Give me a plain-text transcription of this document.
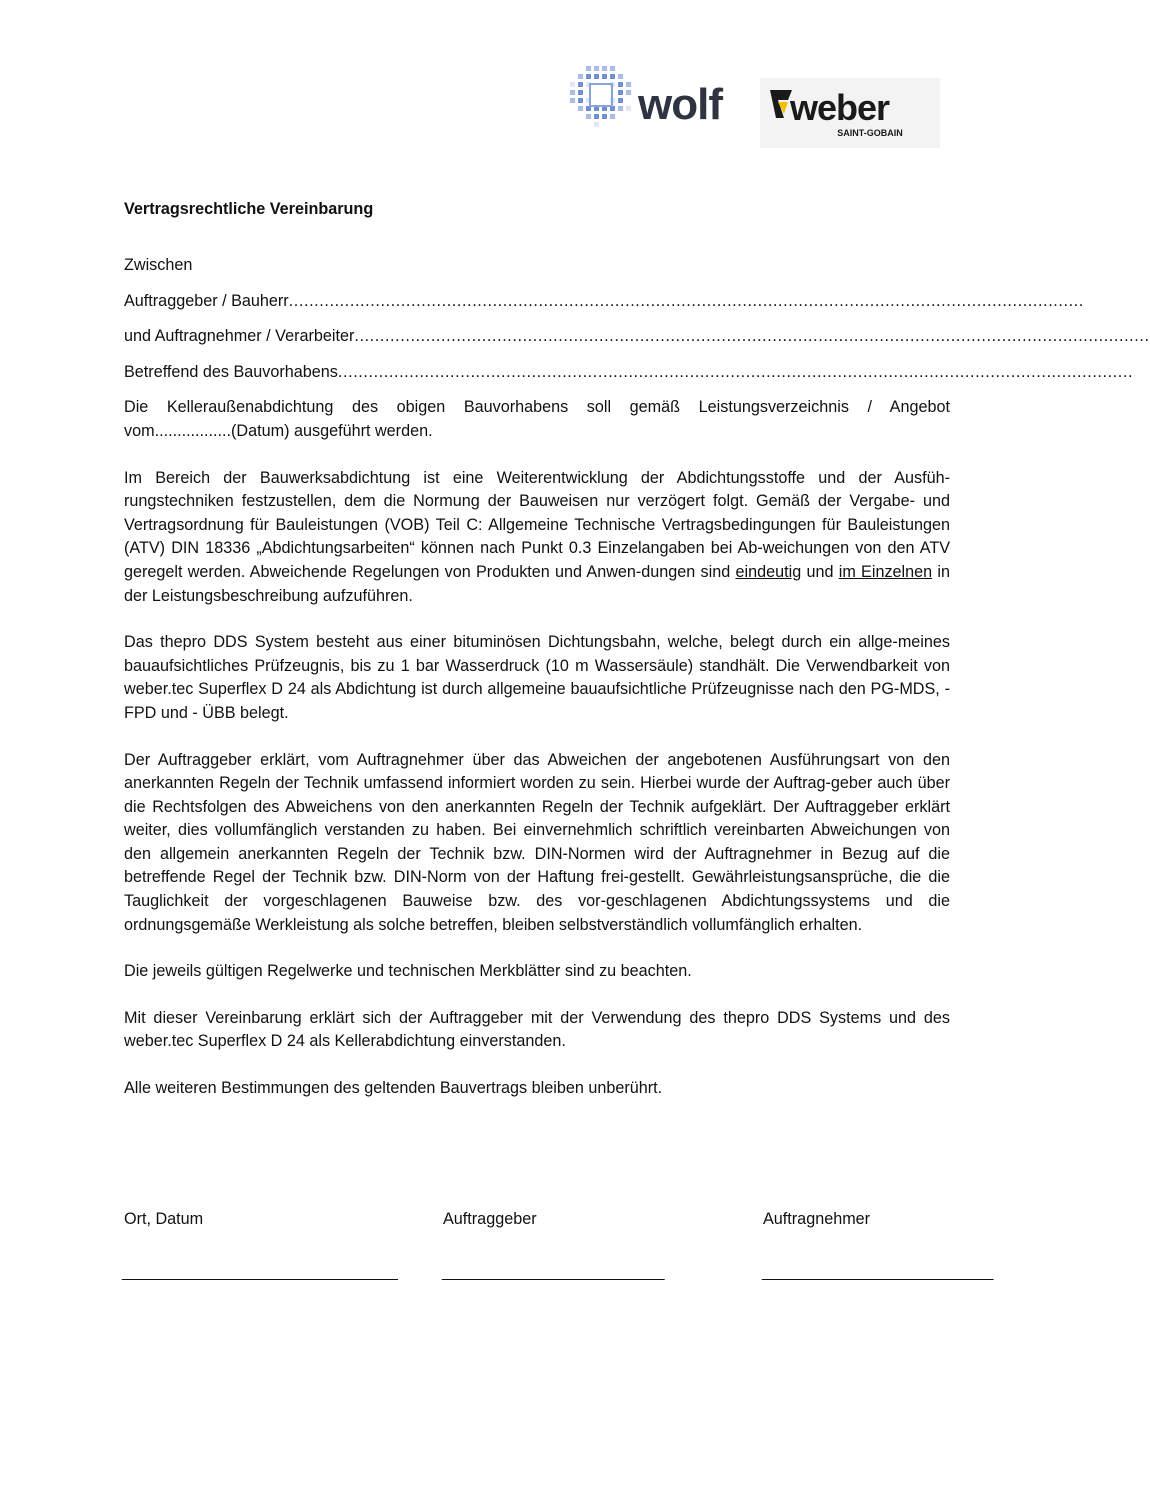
wolf weber
SAINT-GOBAIN

Vertragsrechtliche Vereinbarung

Zwischen

Auftraggeber / Bauherr ............................................................................................................................................................

und Auftragnehmer / Verarbeiter ............................................................................................................................................................

Betreffend des Bauvorhabens ............................................................................................................................................................

Die Kelleraußenabdichtung des obigen Bauvorhabens soll gemäß Leistungsverzeichnis / Angebot

vom.................(Datum) ausgeführt werden.

Im Bereich der Bauwerksabdichtung ist eine Weiterentwicklung der Abdichtungsstoffe und der Ausfüh-rungstechniken festzustellen, dem die Normung der Bauweisen nur verzögert folgt. Gemäß der Vergabe- und Vertragsordnung für Bauleistungen (VOB) Teil C: Allgemeine Technische Vertragsbedingungen für Bauleistungen (ATV) DIN 18336 „Abdichtungsarbeiten“ können nach Punkt 0.3 Einzelangaben bei Ab-weichungen von den ATV geregelt werden. Abweichende Regelungen von Produkten und Anwen-dungen sind eindeutig und im Einzelnen in der Leistungsbeschreibung aufzuführen.

Das thepro DDS System besteht aus einer bituminösen Dichtungsbahn, welche, belegt durch ein allge-meines bauaufsichtliches Prüfzeugnis, bis zu 1 bar Wasserdruck (10 m Wassersäule) standhält. Die Verwendbarkeit von weber.tec Superflex D 24 als Abdichtung ist durch allgemeine bauaufsichtliche Prüfzeugnisse nach den PG-MDS, -FPD und - ÜBB belegt.

Der Auftraggeber erklärt, vom Auftragnehmer über das Abweichen der angebotenen Ausführungsart von den anerkannten Regeln der Technik umfassend informiert worden zu sein. Hierbei wurde der Auftrag-geber auch über die Rechtsfolgen des Abweichens von den anerkannten Regeln der Technik aufgeklärt. Der Auftraggeber erklärt weiter, dies vollumfänglich verstanden zu haben. Bei einvernehmlich schriftlich vereinbarten Abweichungen von den allgemein anerkannten Regeln der Technik bzw. DIN-Normen wird der Auftragnehmer in Bezug auf die betreffende Regel der Technik bzw. DIN-Norm von der Haftung frei-gestellt. Gewährleistungsansprüche, die die Tauglichkeit der vorgeschlagenen Bauweise bzw. des vor-geschlagenen Abdichtungssystems und die ordnungsgemäße Werkleistung als solche betreffen, bleiben selbstverständlich vollumfänglich erhalten.

Die jeweils gültigen Regelwerke und technischen Merkblätter sind zu beachten.

Mit dieser Vereinbarung erklärt sich der Auftraggeber mit der Verwendung des thepro DDS Systems und des weber.tec Superflex D 24 als Kellerabdichtung einverstanden.

Alle weiteren Bestimmungen des geltenden Bauvertrags bleiben unberührt.

Ort, Datum	Auftraggeber	Auftragnehmer
_______________________________	_________________________	__________________________
